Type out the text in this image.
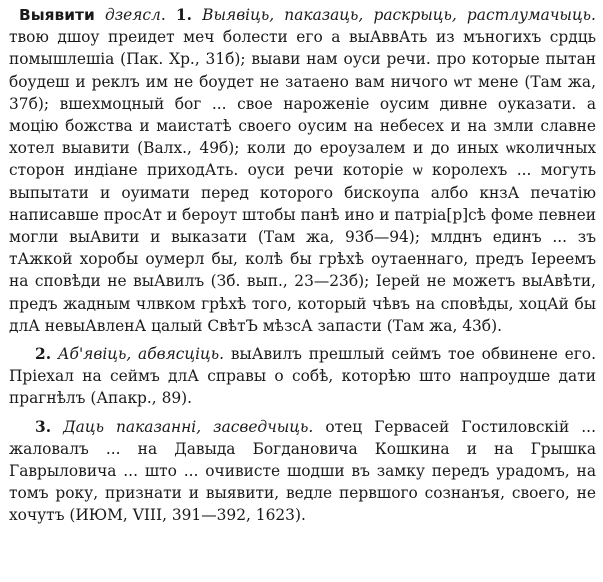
Выявити дзеясл. 1. Выявіць, паказаць, раскрыць, растлумачыць. твою дшоу преидет меч болести его а выАввАть из мъногихъ срдць помышлешіа (Пак. Хр., 31б); выави нам оуси речи. про которые пытан боудеш и реклъ им не боудет не затаено вам ничого ѡт мене (Там жа, 37б); вшехмоцный бог ... свое нароженіе оусим дивне оуказати. а моцію божства и маистатѣ своего оусим на небесех и на змли славне хотел выавити (Валх., 49б); коли до ероузалем и до иных ѡколичных сторон индіане приходАть. оуси речи которіе ѡ королехъ ... могуть выпытати и оуимати перед которого бискоупа албо кнзА печатію написавше просАт и бероут штобы панѣ ино и патріа[р]сѣ фоме певнеи могли выАвити и выказати (Там жа, 93б—94); млднъ единъ ... зъ тАжкой хоробы оумерл бы, колѣ бы грѣхѣ оутаеннаго, предъ Іереемъ на сповѣди не выАвилъ (Зб. вып., 23—23б); Іерей не можетъ выАвѣти, предъ жадным члвком грѣхѣ того, который чѣвъ на сповѣды, хоцАй бы длА невыАвленА цалый СвѣтЪ мѣзсА запасти (Там жа, 43б).

2. Аб'явіць, абвясціць. выАвилъ прешлый сеймъ тое обвинене его. Пріехал на сеймъ длА справы о собѣ, которѣю што напроудше дати прагнѣлъ (Апакр., 89).

3. Даць паказанні, засведчыць. отец Гервасей Гостиловскій ... жаловалъ ... на Давыда Богдановича Кошкина и на Грышка Гаврыловича ... што ... очивисте шодши въ замку передъ урадомъ, на томъ року, признати и выявити, ведле первшого сознанъя, своего, не хочутъ (ИЮМ, VIII, 391—392, 1623).
